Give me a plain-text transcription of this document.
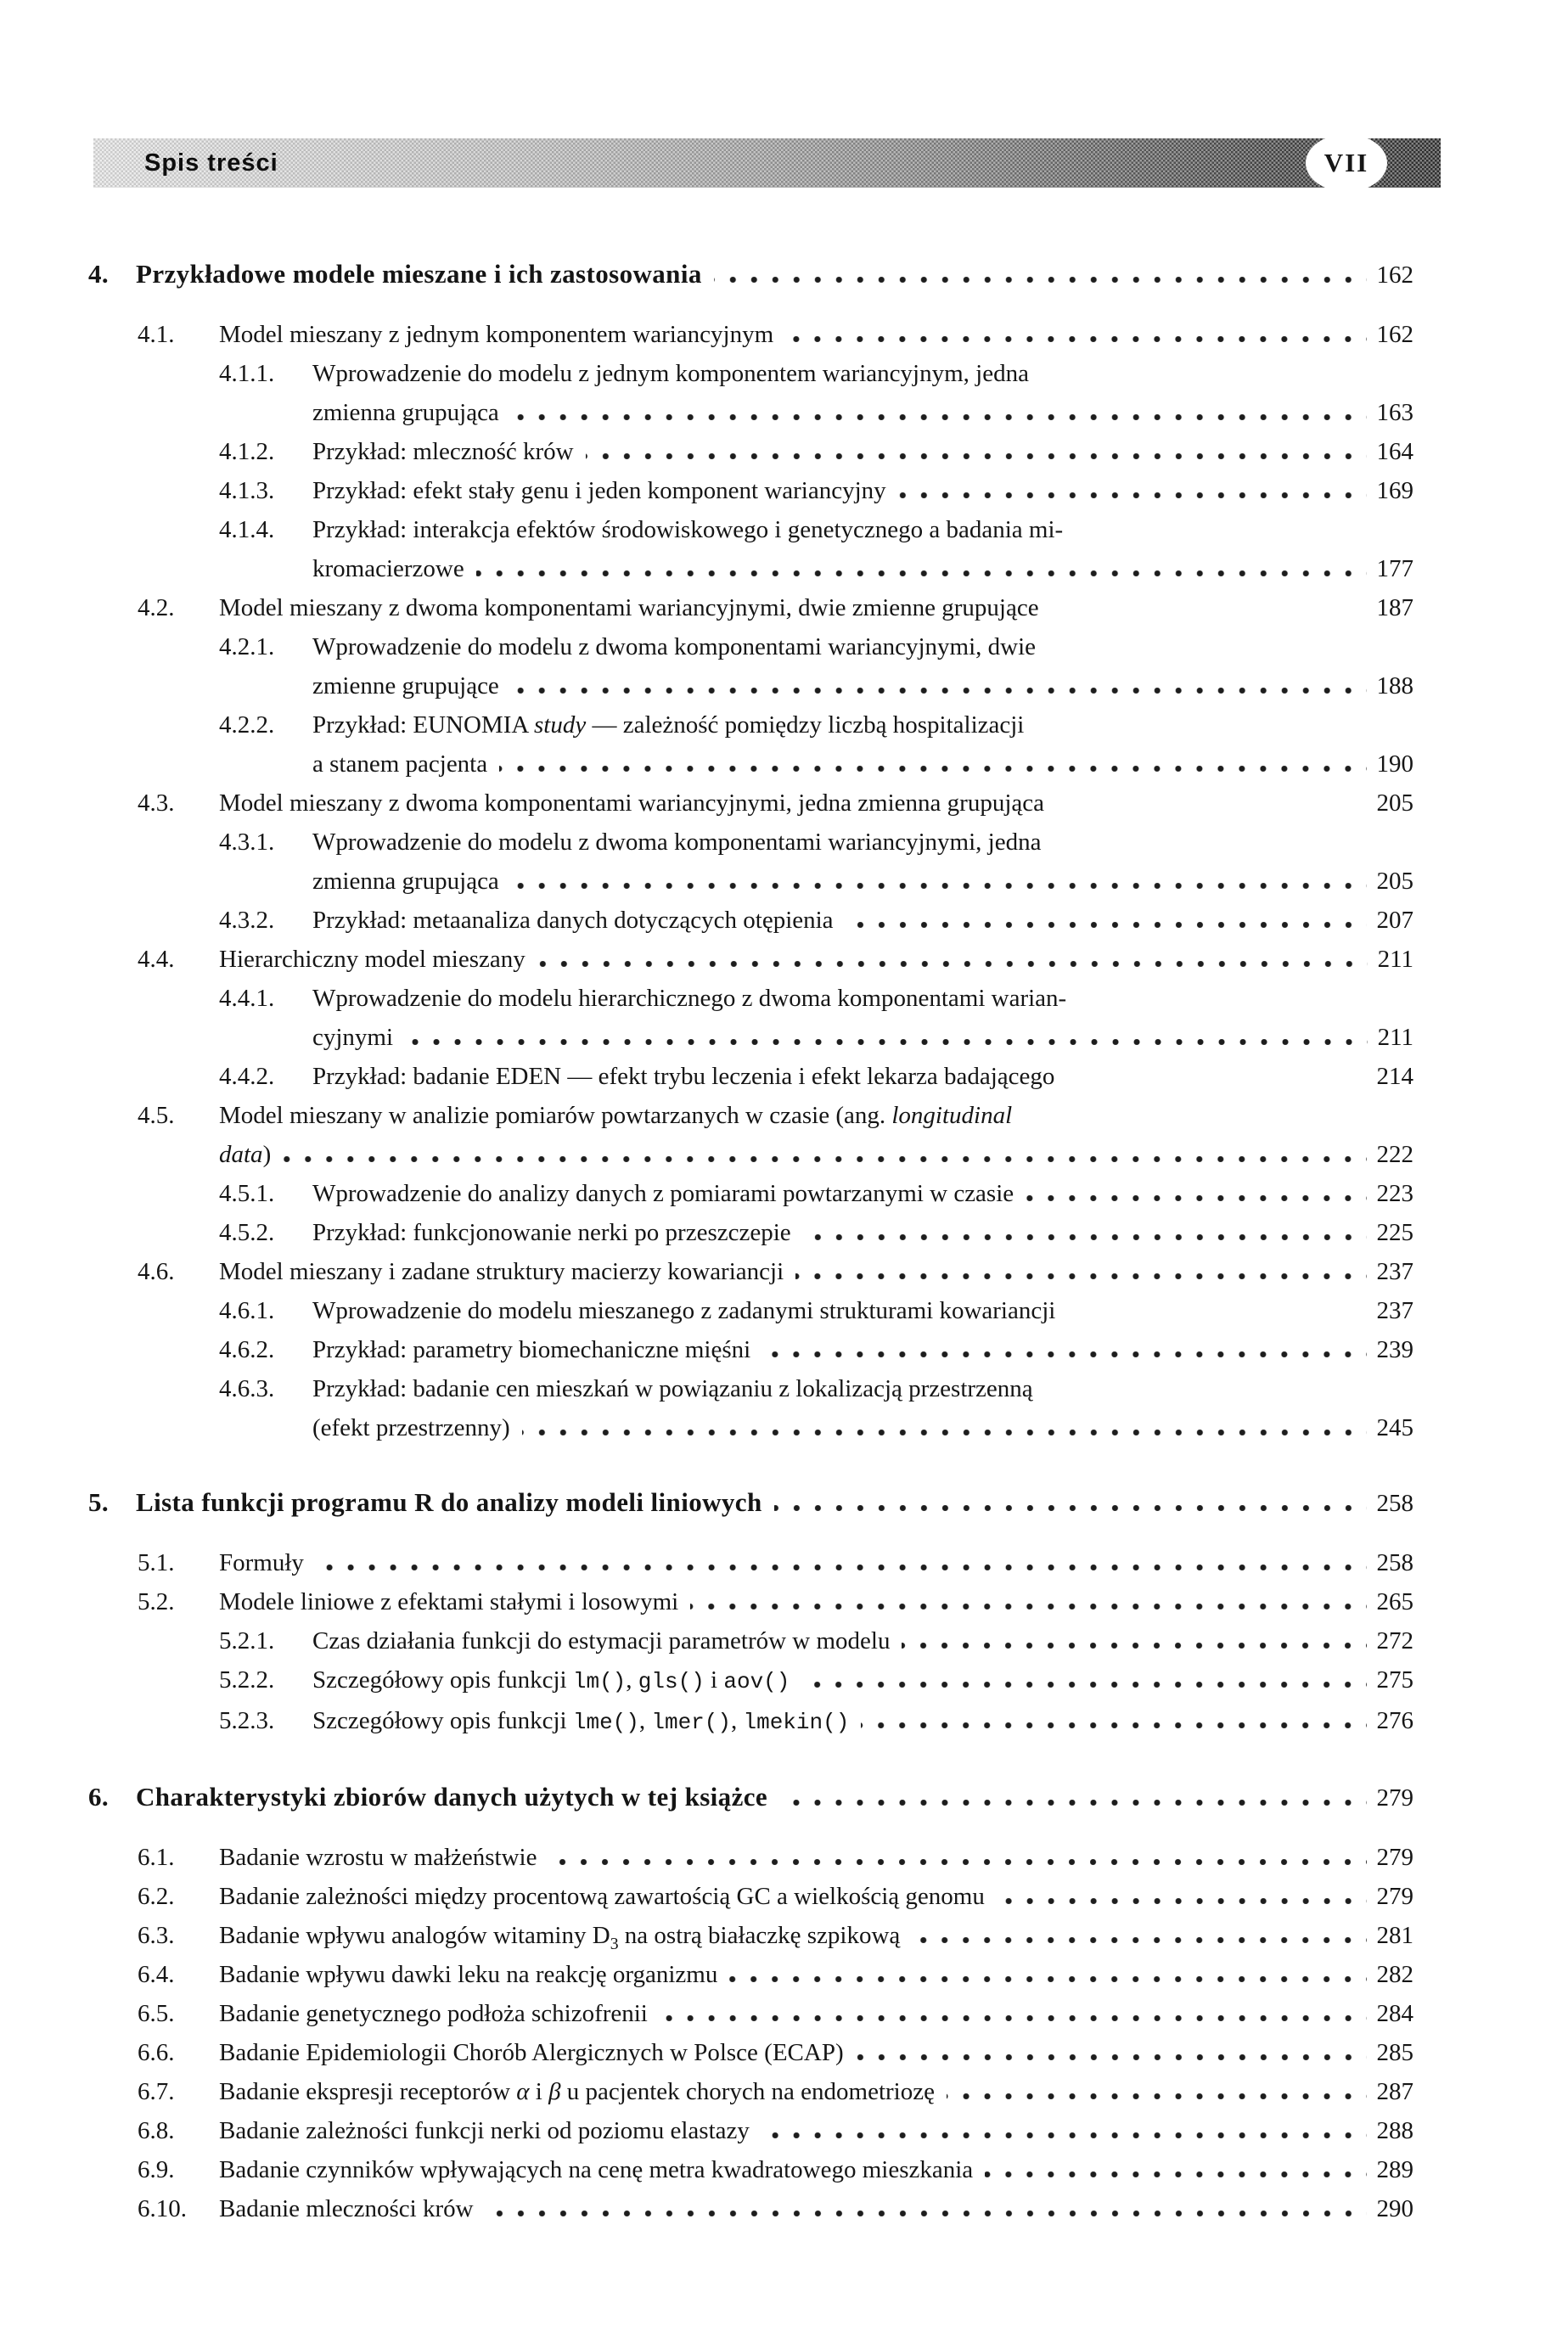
Spis treści	VII
4.	Przykładowe modele mieszane i ich zastosowania	162
4.1.	Model mieszany z jednym komponentem wariancyjnym	162
4.1.1.	Wprowadzenie do modelu z jednym komponentem wariancyjnym, jedna
zmienna grupująca	163
4.1.2.	Przykład: mleczność krów	164
4.1.3.	Przykład: efekt stały genu i jeden komponent wariancyjny	169
4.1.4.	Przykład: interakcja efektów środowiskowego i genetycznego a badania mi-
kromacierzowe	177
4.2.	Model mieszany z dwoma komponentami wariancyjnymi, dwie zmienne grupujące	187
4.2.1.	Wprowadzenie do modelu z dwoma komponentami wariancyjnymi, dwie
zmienne grupujące	188
4.2.2.	Przykład: EUNOMIA study — zależność pomiędzy liczbą hospitalizacji
a stanem pacjenta	190
4.3.	Model mieszany z dwoma komponentami wariancyjnymi, jedna zmienna grupująca	205
4.3.1.	Wprowadzenie do modelu z dwoma komponentami wariancyjnymi, jedna
zmienna grupująca	205
4.3.2.	Przykład: metaanaliza danych dotyczących otępienia	207
4.4.	Hierarchiczny model mieszany	211
4.4.1.	Wprowadzenie do modelu hierarchicznego z dwoma komponentami warian-
cyjnymi	211
4.4.2.	Przykład: badanie EDEN — efekt trybu leczenia i efekt lekarza badającego	214
4.5.	Model mieszany w analizie pomiarów powtarzanych w czasie (ang. longitudinal
data)	222
4.5.1.	Wprowadzenie do analizy danych z pomiarami powtarzanymi w czasie	223
4.5.2.	Przykład: funkcjonowanie nerki po przeszczepie	225
4.6.	Model mieszany i zadane struktury macierzy kowariancji	237
4.6.1.	Wprowadzenie do modelu mieszanego z zadanymi strukturami kowariancji	237
4.6.2.	Przykład: parametry biomechaniczne mięśni	239
4.6.3.	Przykład: badanie cen mieszkań w powiązaniu z lokalizacją przestrzenną
(efekt przestrzenny)	245
5.	Lista funkcji programu R do analizy modeli liniowych	258
5.1.	Formuły	258
5.2.	Modele liniowe z efektami stałymi i losowymi	265
5.2.1.	Czas działania funkcji do estymacji parametrów w modelu	272
5.2.2.	Szczegółowy opis funkcji lm(), gls() i aov()	275
5.2.3.	Szczegółowy opis funkcji lme(), lmer(), lmekin()	276
6.	Charakterystyki zbiorów danych użytych w tej książce	279
6.1.	Badanie wzrostu w małżeństwie	279
6.2.	Badanie zależności między procentową zawartością GC a wielkością genomu	279
6.3.	Badanie wpływu analogów witaminy $D_3$ na ostrą białaczkę szpikową	281
6.4.	Badanie wpływu dawki leku na reakcję organizmu	282
6.5.	Badanie genetycznego podłoża schizofrenii	284
6.6.	Badanie Epidemiologii Chorób Alergicznych w Polsce (ECAP)	285
6.7.	Badanie ekspresji receptorów α i β u pacjentek chorych na endometriozę	287
6.8.	Badanie zależności funkcji nerki od poziomu elastazy	288
6.9.	Badanie czynników wpływających na cenę metra kwadratowego mieszkania	289
6.10.	Badanie mleczności krów	290
